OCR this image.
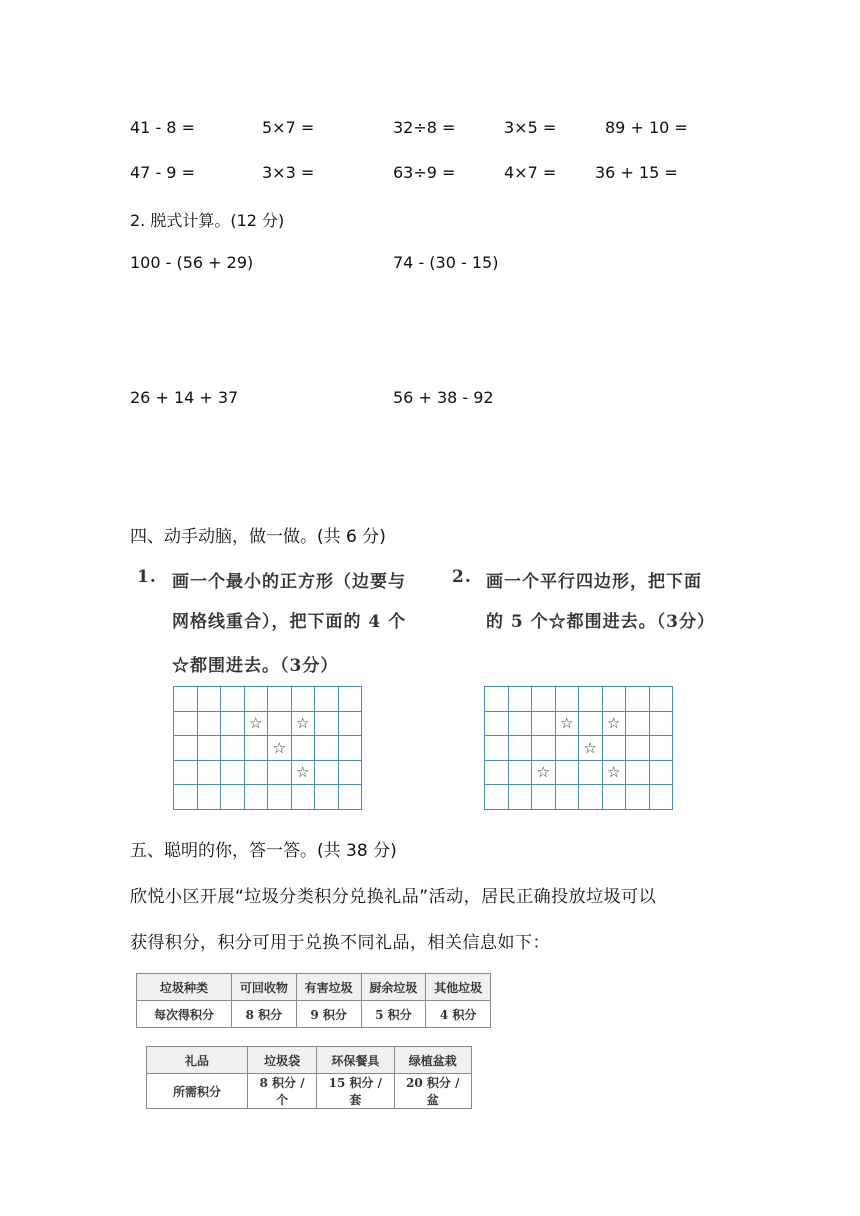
41 - 8 =	5×7 =	32÷8 =	3×5 =	89 + 10 =
47 - 9 =	3×3 =	63÷9 =	4×7 = 36 + 15 =
2. 脱式计算。(12 分)
100 - (56 + 29)	74 - (30 - 15)
26 + 14 + 37	56 + 38 - 92
四、动手动脑，做一做。(共 6 分)
1. 画一个最小的正方形（边要与
网格线重合），把下面的 4 个
☆都围进去。（3分）
2. 画一个平行四边形，把下面
的 5 个☆都围进去。（3分）
☆ ☆
☆
☆
☆ ☆
☆
☆	☆
五、聪明的你，答一答。(共 38 分)
欣悦小区开展“垃圾分类积分兑换礼品”活动，居民正确投放垃圾可以
获得积分，积分可用于兑换不同礼品，相关信息如下：
垃圾种类	可回收物	有害垃圾	厨余垃圾	其他垃圾
每次得积分	8 积分	9 积分	5 积分	4 积分
礼品	垃圾袋	环保餐具	绿植盆栽
所需积分	8 积分 / 个	15 积分 / 套	20 积分 / 盆
